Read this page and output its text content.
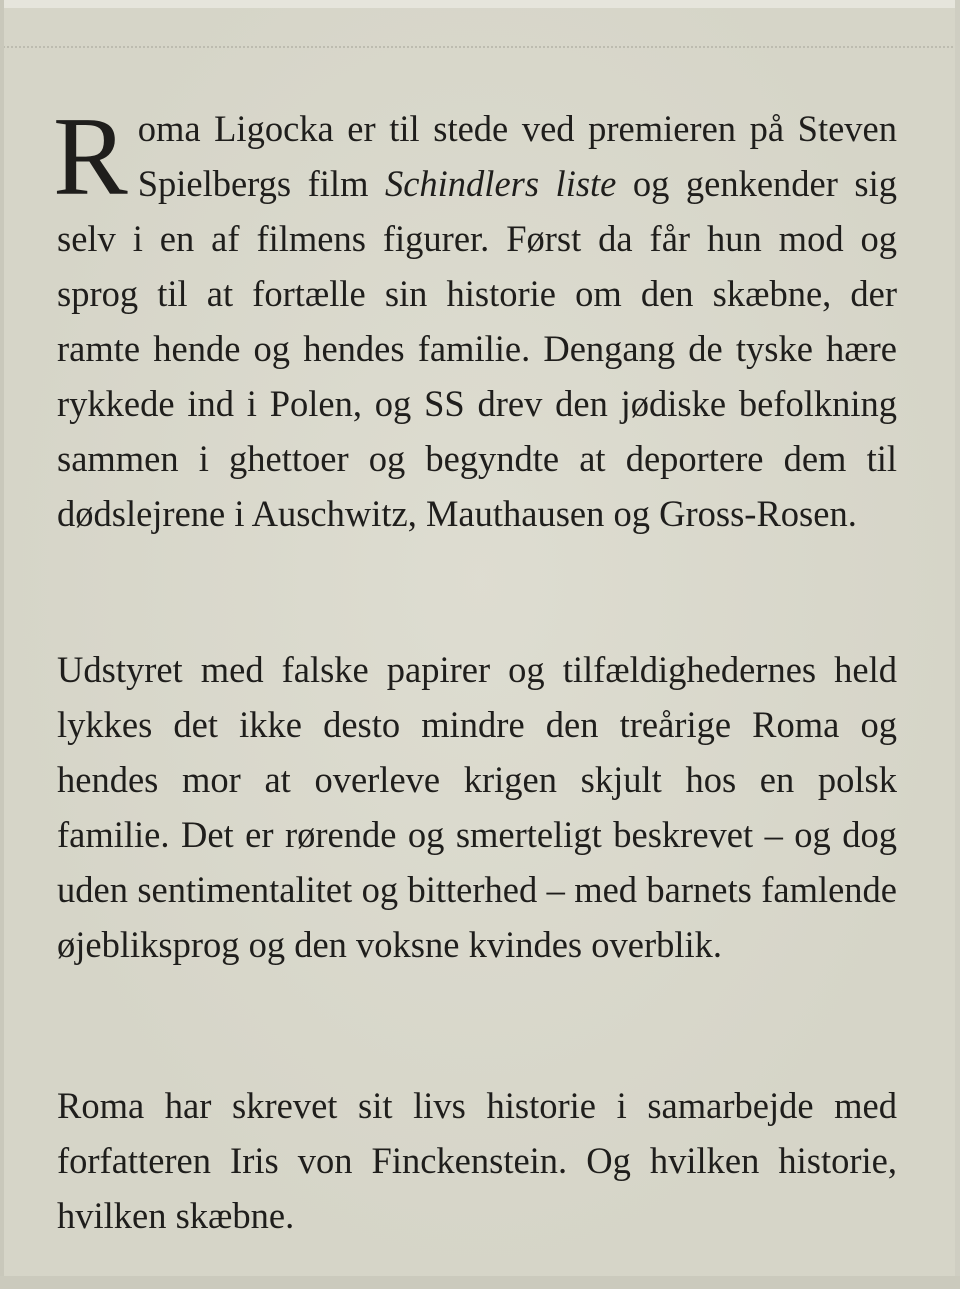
Roma Ligocka er til stede ved premieren på Steven Spielbergs film Schindlers liste og genkender sig selv i en af filmens figurer. Først da får hun mod og sprog til at fortælle sin historie om den skæbne, der ramte hende og hendes familie. Dengang de tyske hære rykkede ind i Polen, og SS drev den jødiske befolkning sammen i ghettoer og begyndte at deportere dem til dødslejrene i Auschwitz, Mauthausen og Gross-Rosen.

Udstyret med falske papirer og tilfældighedernes held lykkes det ikke desto mindre den treårige Roma og hendes mor at overleve krigen skjult hos en polsk familie. Det er rørende og smerteligt beskrevet – og dog uden sentimentalitet og bitterhed – med barnets famlende øjebliksprog og den voksne kvindes overblik.

Roma har skrevet sit livs historie i samarbejde med forfatteren Iris von Finckenstein. Og hvilken historie, hvilken skæbne.
